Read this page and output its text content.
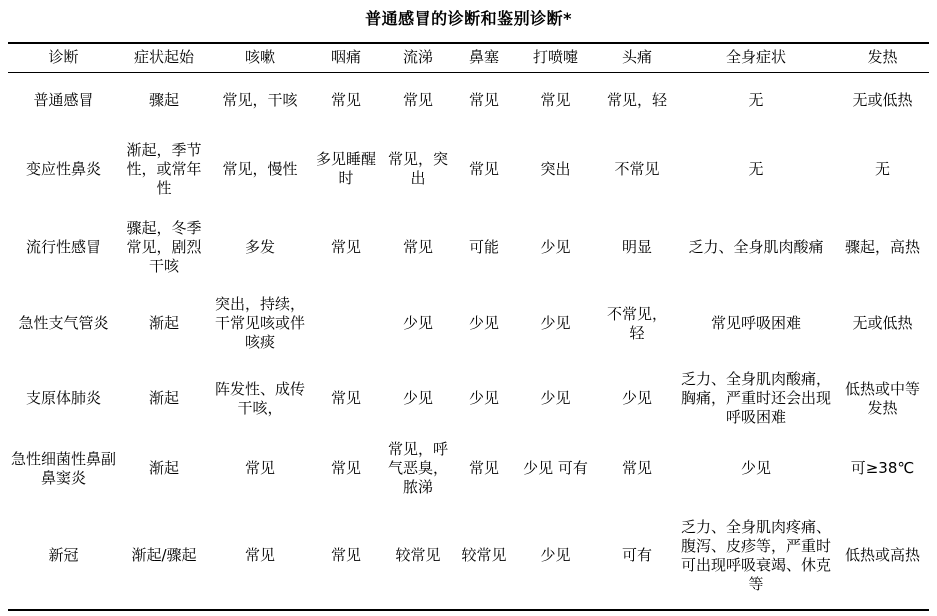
普通感冒的诊断和鉴别诊断*
诊断	症状起始	咳嗽	咽痛	流涕	鼻塞	打喷嚏	头痛	全身症状	发热
普通感冒	骤起	常见，干咳	常见	常见	常见	常见	常见，轻	无	无或低热
变应性鼻炎	渐起，季节性，或常年性	常见，慢性	多见睡醒时	常见，突出	常见	突出	不常见	无	无
流行性感冒	骤起，冬季常见，剧烈干咳	多发	常见	常见	可能	少见	明显	乏力、全身肌肉酸痛	骤起，高热
急性支气管炎	渐起	突出，持续，干常见咳或伴咳痰		少见	少见	少见	不常见，轻	常见呼吸困难	无或低热
支原体肺炎	渐起	阵发性、成传干咳，	常见	少见	少见	少见	少见	乏力、全身肌肉酸痛，胸痛，严重时还会出现呼吸困难	低热或中等发热
急性细菌性鼻副鼻窦炎	渐起	常见	常见	常见，呼气恶臭，脓涕	常见	少见 可有	常见	少见	可≥38℃
新冠	渐起/骤起	常见	常见	较常见	较常见	少见	可有	乏力、全身肌肉疼痛、腹泻、皮疹等，严重时可出现呼吸衰竭、休克等	低热或高热
